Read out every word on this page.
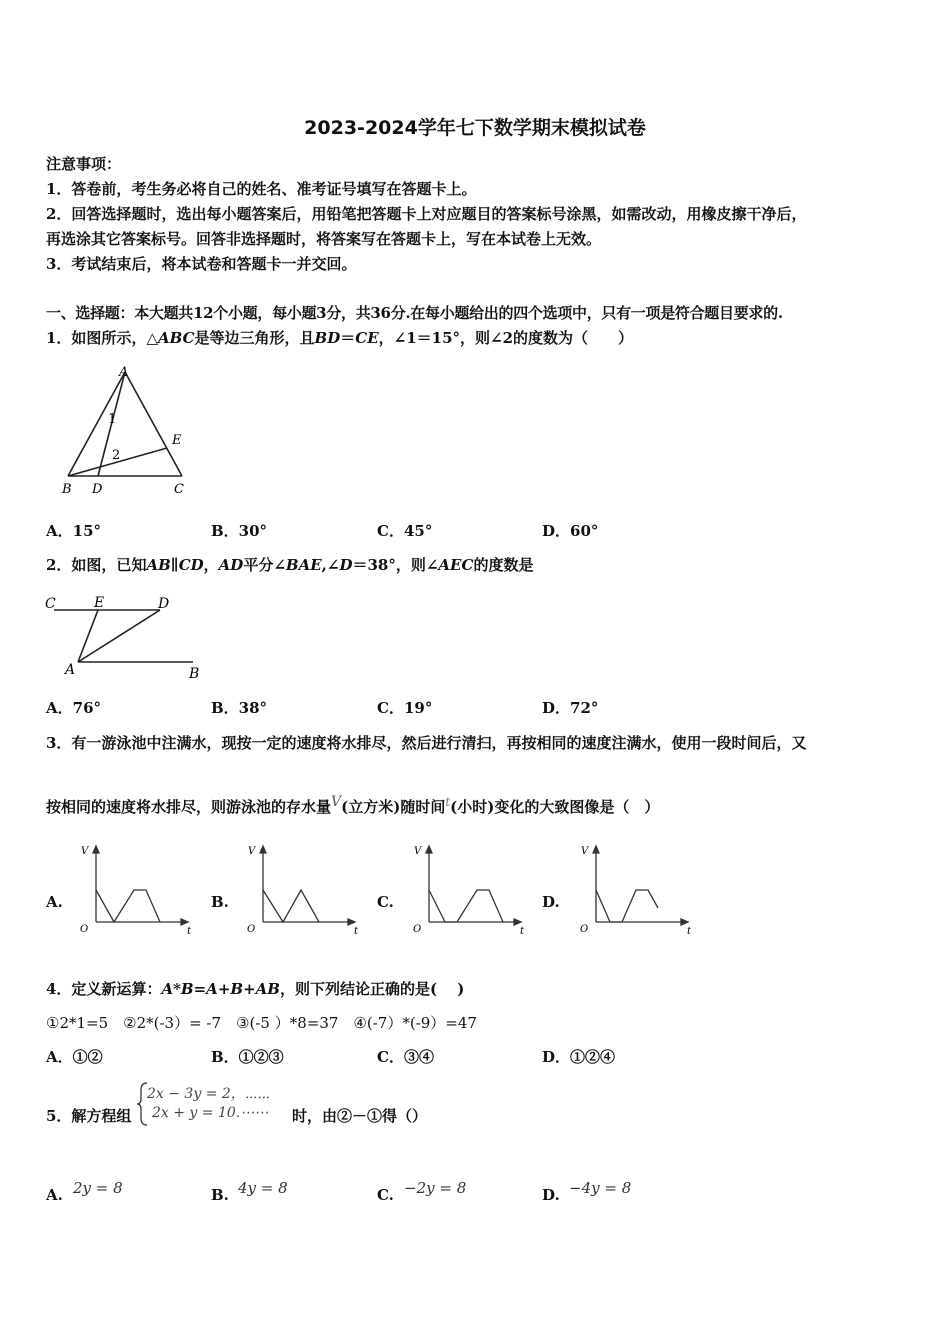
2023-2024学年七下数学期末模拟试卷
注意事项：
1．答卷前，考生务必将自己的姓名、准考证号填写在答题卡上。
2．回答选择题时，选出每小题答案后，用铅笔把答题卡上对应题目的答案标号涂黑，如需改动，用橡皮擦干净后，
再选涂其它答案标号。回答非选择题时，将答案写在答题卡上，写在本试卷上无效。
3．考试结束后，将本试卷和答题卡一并交回。
一、选择题：本大题共12个小题，每小题3分，共36分.在每小题给出的四个选项中，只有一项是符合题目要求的.
1．如图所示，△ABC是等边三角形，且BD＝CE，∠1＝15°，则∠2的度数为（　　）
A
B D	C
E
1
2
A．15°	B．30°	C．45°	D．60°
2．如图，已知AB∥CD，AD平分∠BAE,∠D＝38°，则∠AEC的度数是
C	E	D
A	B
A．76°	B．38°	C．19°	D．72°
3．有一游泳池中注满水，现按一定的速度将水排尽，然后进行清扫，再按相同的速度注满水，使用一段时间后，又
按相同的速度将水排尽，则游泳池的存水量V(立方米)随时间$^t$(小时)变化的大致图像是（　）
A.	B.	C.	D.
V
O	t
V
O	t
V
O	t
V
O	t
4．定义新运算：A*B=A+B+AB，则下列结论正确的是(　 )
①2*1=5　②2*(-3）= -7　③(-5 ）*8=37　④(-7）*(-9）=47
A．①②	B．①②③	C．③④	D．①②④
5．解方程组
2x − 3y = 2，⋯⋯
2x + y = 10.⋯⋯ 时，由②－①得（）
A. 2y = 8	B. 4y = 8	C. −2y = 8	D. −4y = 8
